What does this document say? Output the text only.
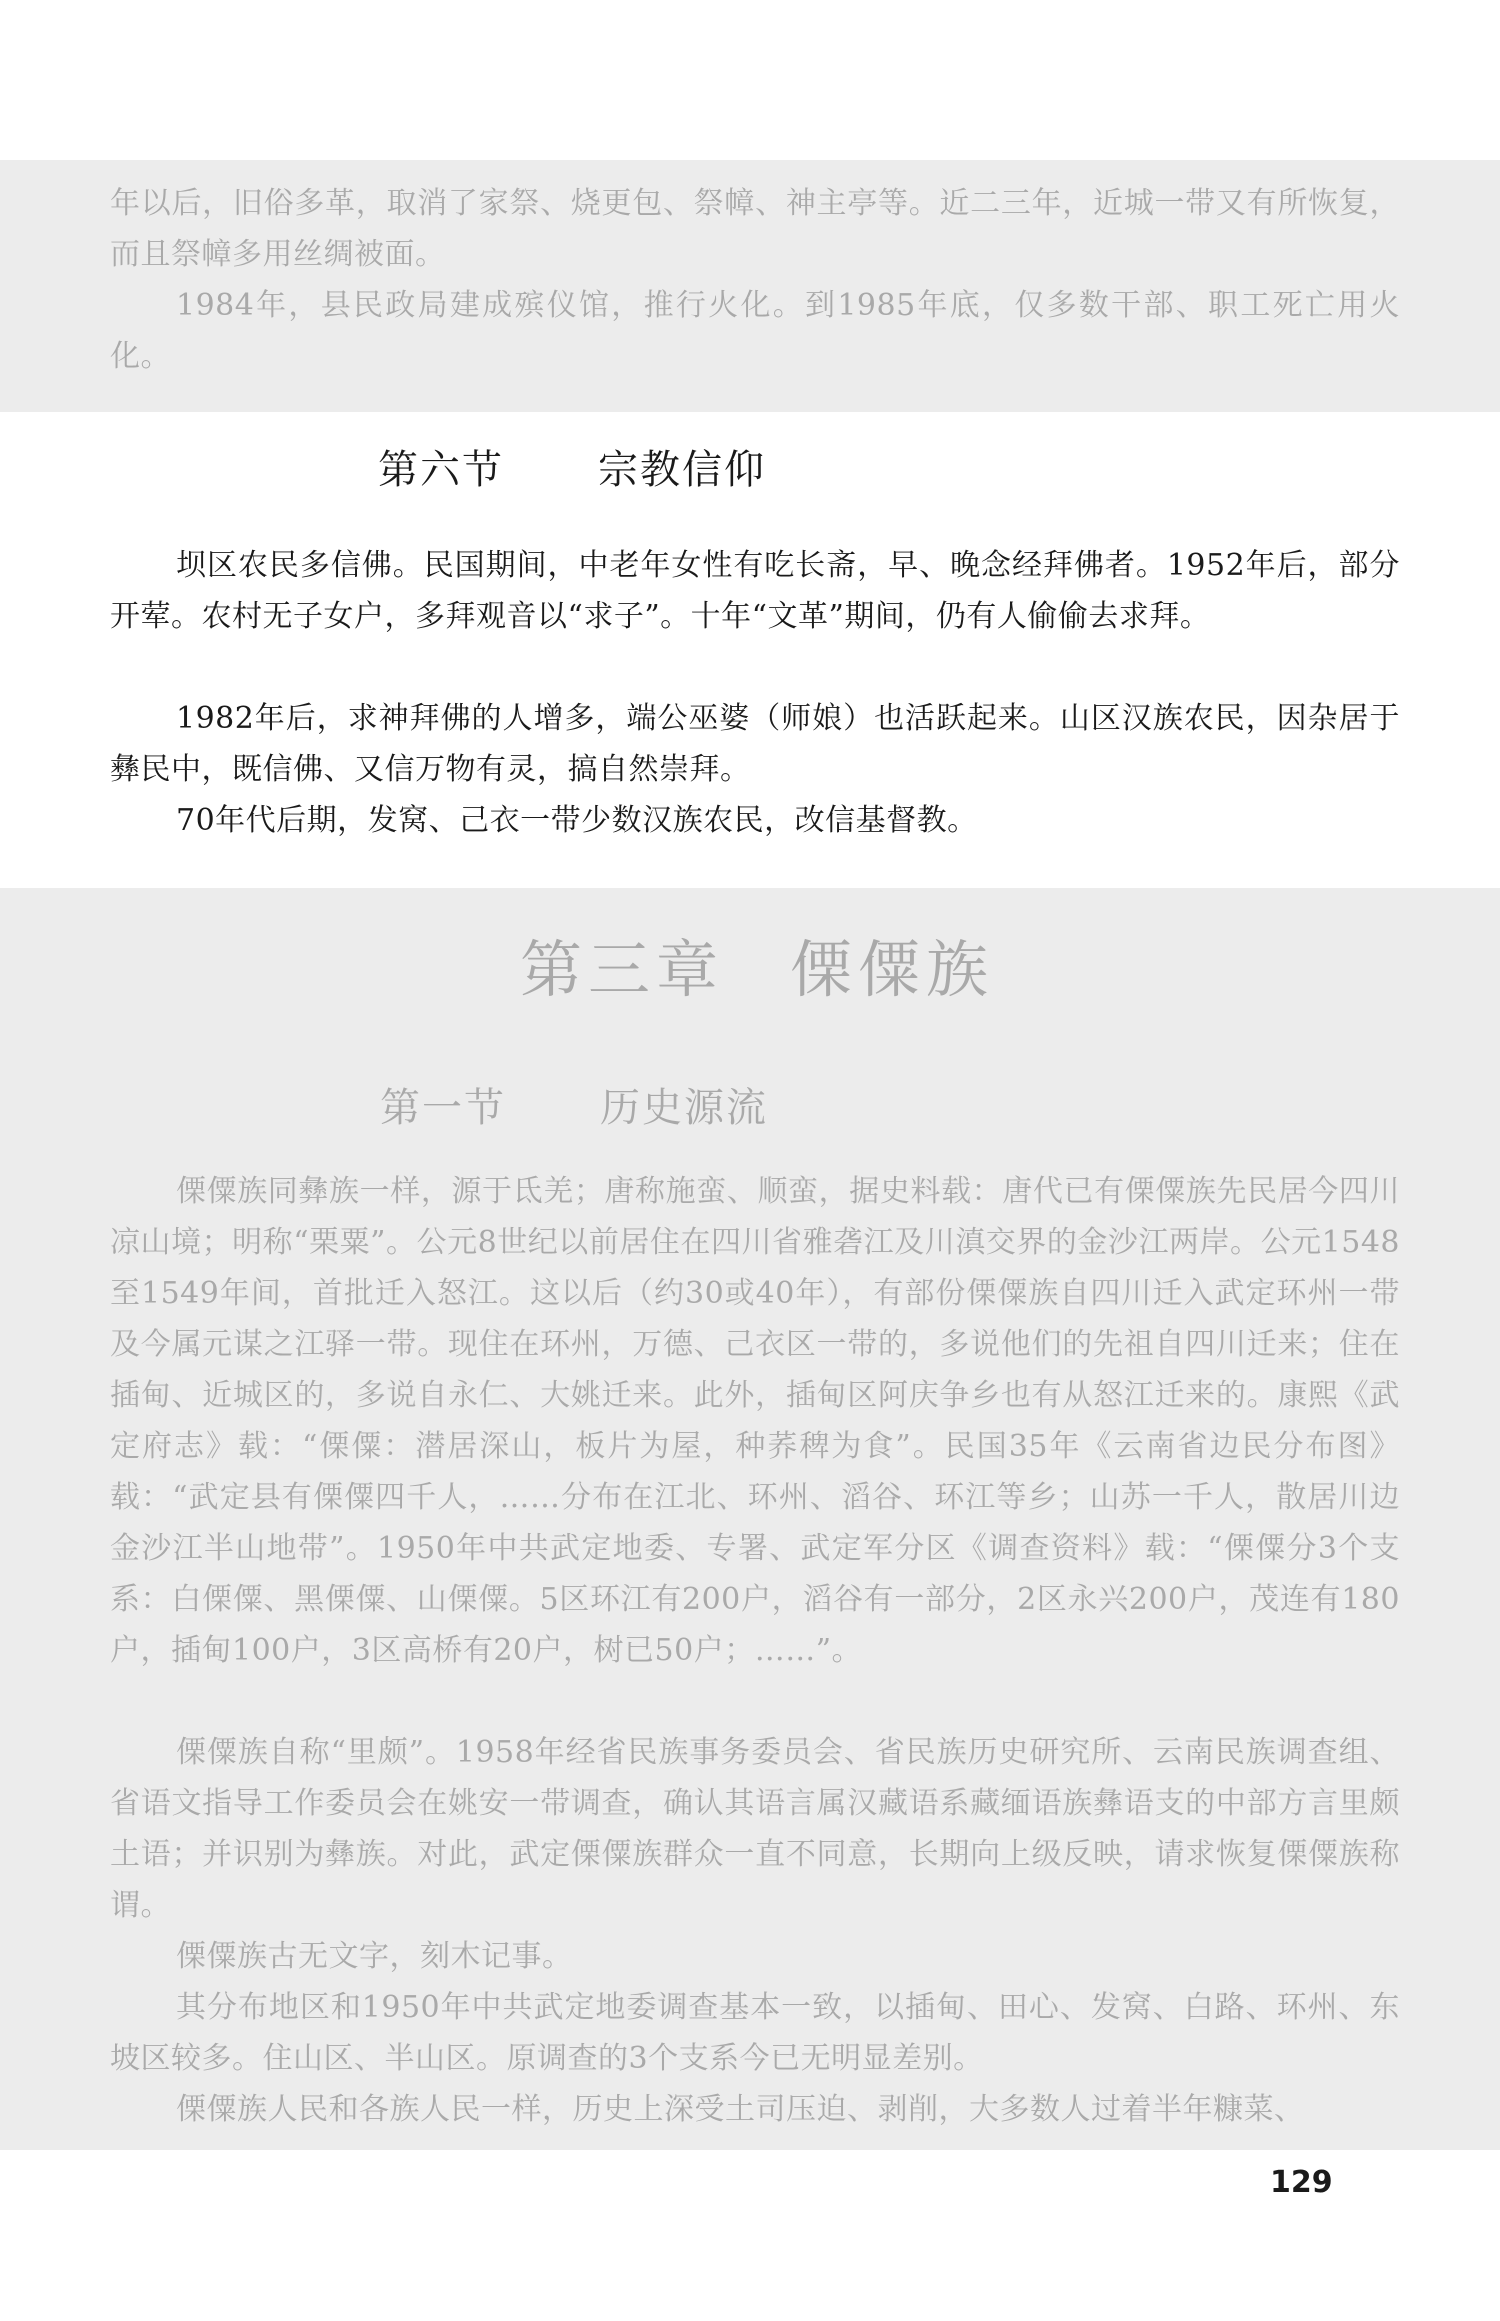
年以后，旧俗多革，取消了家祭、烧更包、祭幛、神主亭等。近二三年，近城一带又有所恢复，而且祭幛多用丝绸被面。

1984年，县民政局建成殡仪馆，推行火化。到1985年底，仅多数干部、职工死亡用火化。

第六节 宗教信仰

坝区农民多信佛。民国期间，中老年女性有吃长斋，早、晚念经拜佛者。1952年后，部分开荤。农村无子女户，多拜观音以“求子”。十年“文革”期间，仍有人偷偷去求拜。

1982年后，求神拜佛的人增多，端公巫婆（师娘）也活跃起来。山区汉族农民，因杂居于彝民中，既信佛、又信万物有灵，搞自然崇拜。

70年代后期，发窝、己衣一带少数汉族农民，改信基督教。

第三章 傈僳族
第一节 历史源流

傈僳族同彝族一样，源于氐羌；唐称施蛮、顺蛮，据史料载：唐代已有傈僳族先民居今四川凉山境；明称“栗粟”。公元8世纪以前居住在四川省雅砻江及川滇交界的金沙江两岸。公元1548至1549年间，首批迁入怒江。这以后（约30或40年），有部份傈僳族自四川迁入武定环州一带及今属元谋之江驿一带。现住在环州，万德、己衣区一带的，多说他们的先祖自四川迁来；住在插甸、近城区的，多说自永仁、大姚迁来。此外，插甸区阿庆争乡也有从怒江迁来的。康熙《武定府志》载：“傈僳：潜居深山，板片为屋，种荞稗为食”。民国35年《云南省边民分布图》载：“武定县有傈僳四千人，……分布在江北、环州、滔谷、环江等乡；山苏一千人，散居川边金沙江半山地带”。1950年中共武定地委、专署、武定军分区《调查资料》载：“傈僳分3个支系：白傈僳、黑傈僳、山傈僳。5区环江有200户，滔谷有一部分，2区永兴200户，茂连有180户，插甸100户，3区高桥有20户，树已50户；……”。

傈僳族自称“里颇”。1958年经省民族事务委员会、省民族历史研究所、云南民族调查组、省语文指导工作委员会在姚安一带调查，确认其语言属汉藏语系藏缅语族彝语支的中部方言里颇土语；并识别为彝族。对此，武定傈僳族群众一直不同意，长期向上级反映，请求恢复傈僳族称谓。

傈僳族古无文字，刻木记事。

其分布地区和1950年中共武定地委调查基本一致，以插甸、田心、发窝、白路、环州、东坡区较多。住山区、半山区。原调查的3个支系今已无明显差别。

傈僳族人民和各族人民一样，历史上深受土司压迫、剥削，大多数人过着半年糠菜、

129
